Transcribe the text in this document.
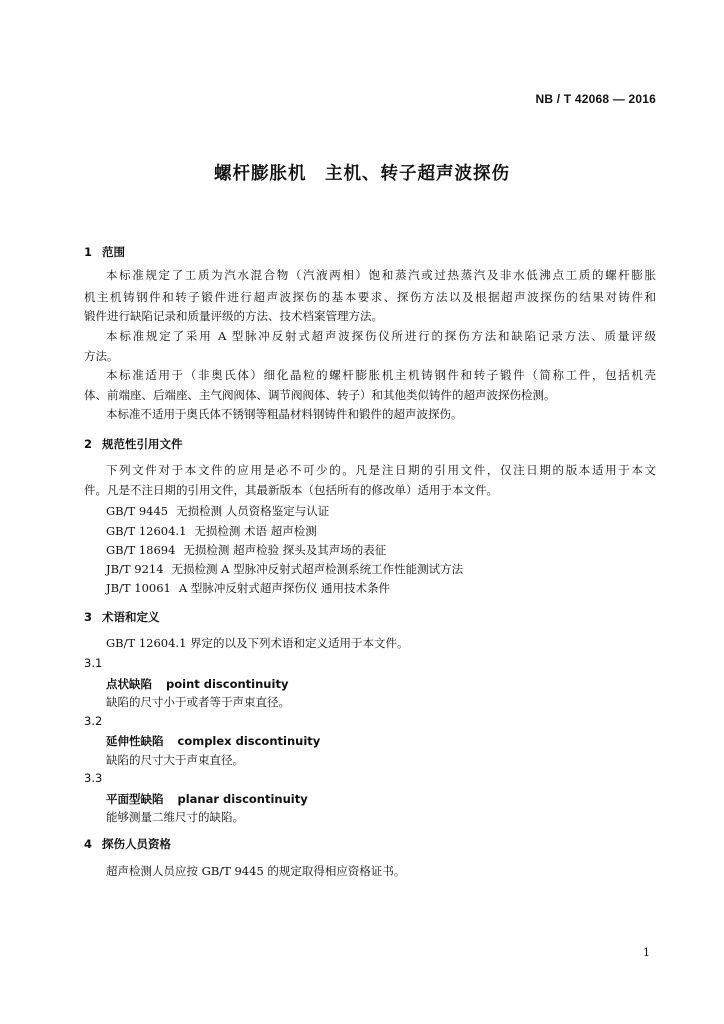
NB / T 42068 — 2016
螺杆膨胀机　主机、转子超声波探伤
1 范围
本标准规定了工质为汽水混合物（汽液两相）饱和蒸汽或过热蒸汽及非水低沸点工质的螺杆膨胀
机主机铸钢件和转子锻件进行超声波探伤的基本要求、探伤方法以及根据超声波探伤的结果对铸件和
锻件进行缺陷记录和质量评级的方法、技术档案管理方法。
本标准规定了采用 A 型脉冲反射式超声波探伤仪所进行的探伤方法和缺陷记录方法、质量评级
方法。
本标准适用于（非奥氏体）细化晶粒的螺杆膨胀机主机铸钢件和转子锻件（简称工件，包括机壳
体、前端座、后端座、主气阀阀体、调节阀阀体、转子）和其他类似铸件的超声波探伤检测。
本标准不适用于奥氏体不锈钢等粗晶材料钢铸件和锻件的超声波探伤。
2 规范性引用文件
下列文件对于本文件的应用是必不可少的。凡是注日期的引用文件，仅注日期的版本适用于本文
件。凡是不注日期的引用文件，其最新版本（包括所有的修改单）适用于本文件。
GB/T 9445 无损检测 人员资格鉴定与认证
GB/T 12604.1 无损检测 术语 超声检测
GB/T 18694 无损检测 超声检验 探头及其声场的表征
JB/T 9214 无损检测 A 型脉冲反射式超声检测系统工作性能测试方法
JB/T 10061 A 型脉冲反射式超声探伤仪 通用技术条件
3 术语和定义
GB/T 12604.1 界定的以及下列术语和定义适用于本文件。
3.1
点状缺陷 point discontinuity
缺陷的尺寸小于或者等于声束直径。
3.2
延伸性缺陷 complex discontinuity
缺陷的尺寸大于声束直径。
3.3
平面型缺陷 planar discontinuity
能够测量二维尺寸的缺陷。
4 探伤人员资格
超声检测人员应按 GB/T 9445 的规定取得相应资格证书。
1
